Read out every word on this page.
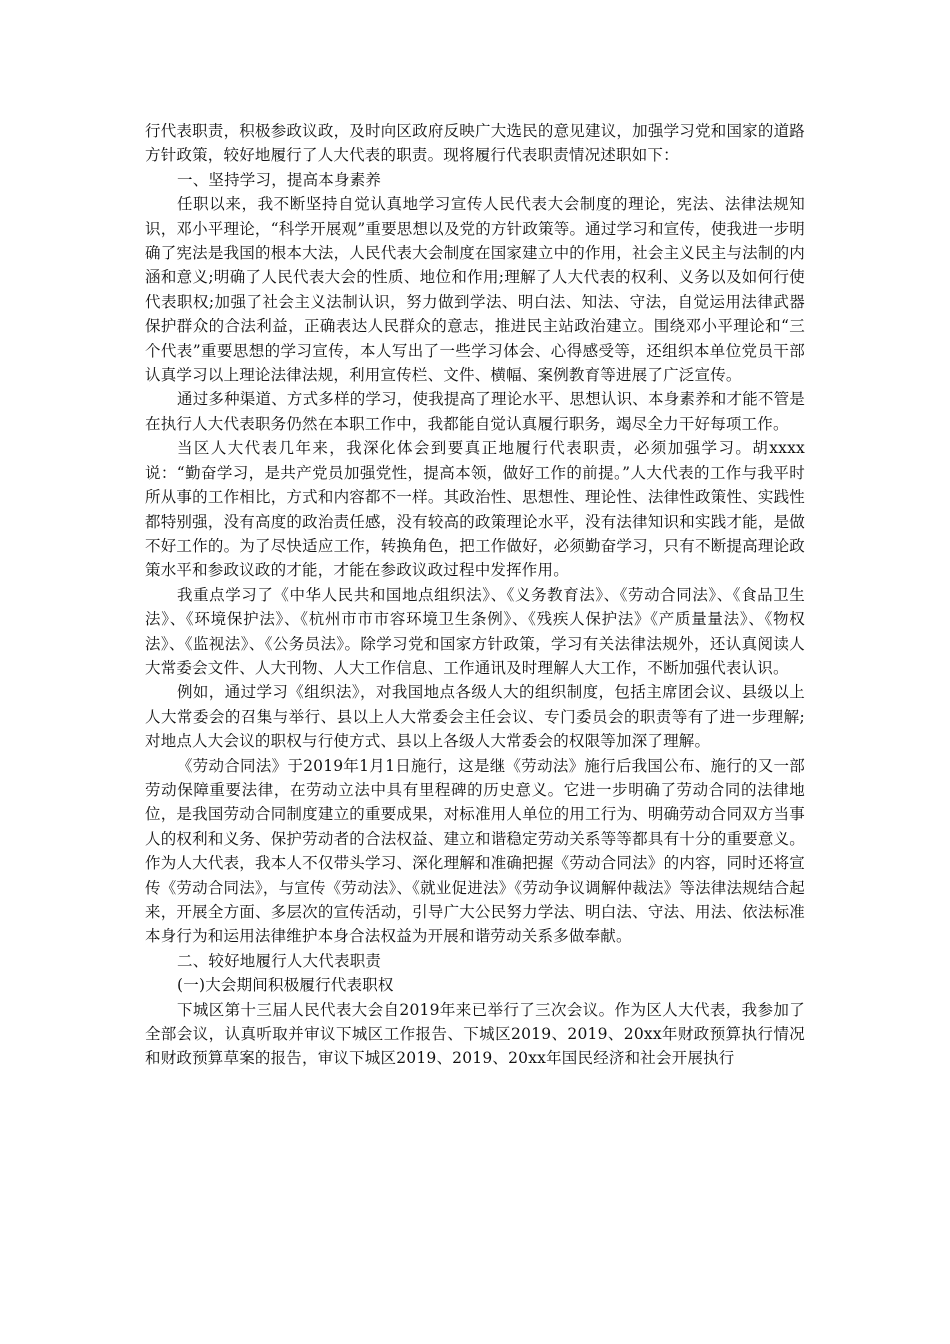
行代表职责，积极参政议政，及时向区政府反映广大选民的意见建议，加强学习党和国家的道路方针政策，较好地履行了人大代表的职责。现将履行代表职责情况述职如下：

一、坚持学习，提高本身素养

任职以来，我不断坚持自觉认真地学习宣传人民代表大会制度的理论，宪法、法律法规知识，邓小平理论，“科学开展观”重要思想以及党的方针政策等。通过学习和宣传，使我进一步明确了宪法是我国的根本大法，人民代表大会制度在国家建立中的作用，社会主义民主与法制的内涵和意义;明确了人民代表大会的性质、地位和作用;理解了人大代表的权利、义务以及如何行使代表职权;加强了社会主义法制认识，努力做到学法、明白法、知法、守法，自觉运用法律武器保护群众的合法利益，正确表达人民群众的意志，推进民主站政治建立。围绕邓小平理论和“三个代表”重要思想的学习宣传，本人写出了一些学习体会、心得感受等，还组织本单位党员干部认真学习以上理论法律法规，利用宣传栏、文件、横幅、案例教育等进展了广泛宣传。

通过多种渠道、方式多样的学习，使我提高了理论水平、思想认识、本身素养和才能不管是在执行人大代表职务仍然在本职工作中，我都能自觉认真履行职务，竭尽全力干好每项工作。

当区人大代表几年来，我深化体会到要真正地履行代表职责，必须加强学习。胡xxxx说：“勤奋学习，是共产党员加强党性，提高本领，做好工作的前提。”人大代表的工作与我平时所从事的工作相比，方式和内容都不一样。其政治性、思想性、理论性、法律性政策性、实践性都特别强，没有高度的政治责任感，没有较高的政策理论水平，没有法律知识和实践才能，是做不好工作的。为了尽快适应工作，转换角色，把工作做好，必须勤奋学习，只有不断提高理论政策水平和参政议政的才能，才能在参政议政过程中发挥作用。

我重点学习了《中华人民共和国地点组织法》、《义务教育法》、《劳动合同法》、《食品卫生法》、《环境保护法》、《杭州市市市容环境卫生条例》、《残疾人保护法》《产质量量法》、《物权法》、《监视法》、《公务员法》。除学习党和国家方针政策，学习有关法律法规外，还认真阅读人大常委会文件、人大刊物、人大工作信息、工作通讯及时理解人大工作，不断加强代表认识。

例如，通过学习《组织法》，对我国地点各级人大的组织制度，包括主席团会议、县级以上人大常委会的召集与举行、县以上人大常委会主任会议、专门委员会的职责等有了进一步理解;对地点人大会议的职权与行使方式、县以上各级人大常委会的权限等加深了理解。

《劳动合同法》于2019年1月1日施行，这是继《劳动法》施行后我国公布、施行的又一部劳动保障重要法律，在劳动立法中具有里程碑的历史意义。它进一步明确了劳动合同的法律地位，是我国劳动合同制度建立的重要成果，对标准用人单位的用工行为、明确劳动合同双方当事人的权利和义务、保护劳动者的合法权益、建立和谐稳定劳动关系等等都具有十分的重要意义。作为人大代表，我本人不仅带头学习、深化理解和准确把握《劳动合同法》的内容，同时还将宣传《劳动合同法》，与宣传《劳动法》、《就业促进法》《劳动争议调解仲裁法》等法律法规结合起来，开展全方面、多层次的宣传活动，引导广大公民努力学法、明白法、守法、用法、依法标准本身行为和运用法律维护本身合法权益为开展和谐劳动关系多做奉献。

二、较好地履行人大代表职责

(一)大会期间积极履行代表职权

下城区第十三届人民代表大会自2019年来已举行了三次会议。作为区人大代表，我参加了全部会议，认真听取并审议下城区工作报告、下城区2019、2019、20xx年财政预算执行情况和财政预算草案的报告，审议下城区2019、2019、20xx年国民经济和社会开展执行
